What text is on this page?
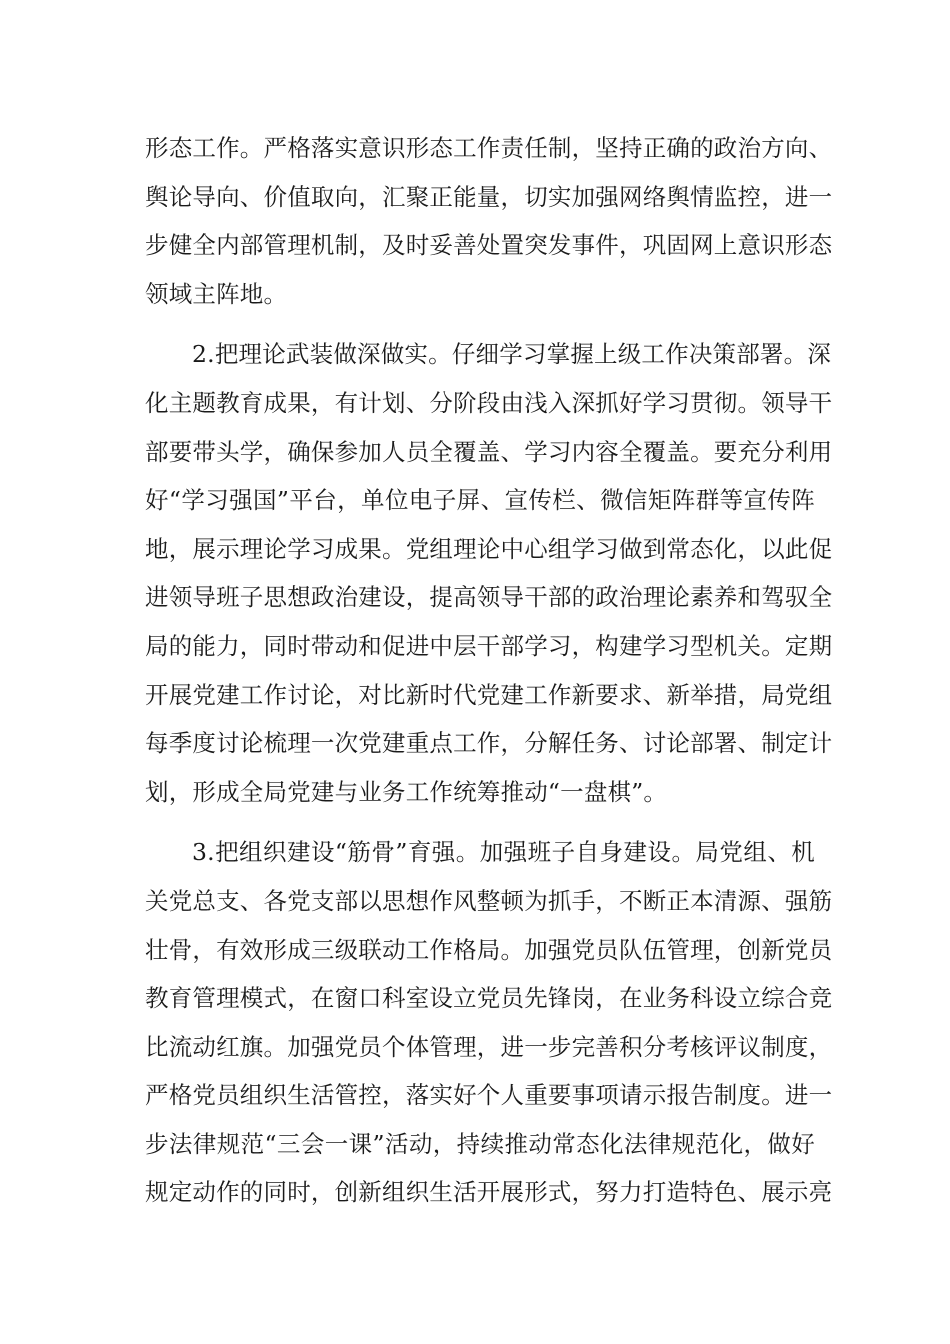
形态工作。严格落实意识形态工作责任制，坚持正确的政治方向、
舆论导向、价值取向，汇聚正能量，切实加强网络舆情监控，进一
步健全内部管理机制，及时妥善处置突发事件，巩固网上意识形态
领域主阵地。
2.把理论武装做深做实。仔细学习掌握上级工作决策部署。深
化主题教育成果，有计划、分阶段由浅入深抓好学习贯彻。领导干
部要带头学，确保参加人员全覆盖、学习内容全覆盖。要充分利用
好“学习强国”平台，单位电子屏、宣传栏、微信矩阵群等宣传阵
地，展示理论学习成果。党组理论中心组学习做到常态化，以此促
进领导班子思想政治建设，提高领导干部的政治理论素养和驾驭全
局的能力，同时带动和促进中层干部学习，构建学习型机关。定期
开展党建工作讨论，对比新时代党建工作新要求、新举措，局党组
每季度讨论梳理一次党建重点工作，分解任务、讨论部署、制定计
划，形成全局党建与业务工作统筹推动“一盘棋”。
3.把组织建设“筋骨”育强。加强班子自身建设。局党组、机
关党总支、各党支部以思想作风整顿为抓手，不断正本清源、强筋
壮骨，有效形成三级联动工作格局。加强党员队伍管理，创新党员
教育管理模式，在窗口科室设立党员先锋岗，在业务科设立综合竞
比流动红旗。加强党员个体管理，进一步完善积分考核评议制度，
严格党员组织生活管控，落实好个人重要事项请示报告制度。进一
步法律规范“三会一课”活动，持续推动常态化法律规范化，做好
规定动作的同时，创新组织生活开展形式，努力打造特色、展示亮
